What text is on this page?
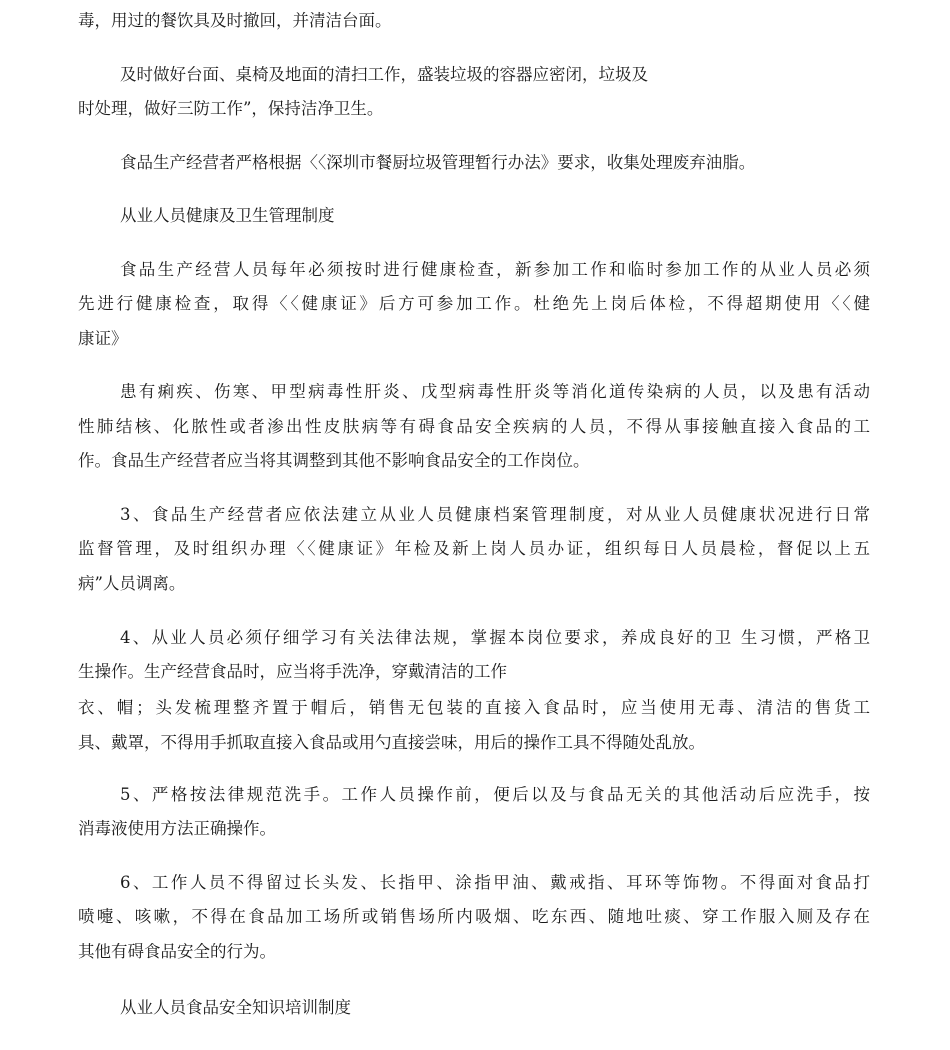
毒，用过的餐饮具及时撤回，并清洁台面。
及时做好台面、桌椅及地面的清扫工作，盛装垃圾的容器应密闭，垃圾及
时处理，做好三防工作”，保持洁净卫生。
食品生产经营者严格根据〈〈深圳市餐厨垃圾管理暂行办法》要求，收集处理废弃油脂。
从业人员健康及卫生管理制度
食品生产经营人员每年必须按时进行健康检查，新参加工作和临时参加工作的从业人员必须
先进行健康检查，取得〈〈健康证》后方可参加工作。杜绝先上岗后体检，不得超期使用〈〈健
康证》
患有痢疾、伤寒、甲型病毒性肝炎、戊型病毒性肝炎等消化道传染病的人员，以及患有活动
性肺结核、化脓性或者渗出性皮肤病等有碍食品安全疾病的人员，不得从事接触直接入食品的工
作。食品生产经营者应当将其调整到其他不影响食品安全的工作岗位。
3、食品生产经营者应依法建立从业人员健康档案管理制度，对从业人员健康状况进行日常
监督管理，及时组织办理〈〈健康证》年检及新上岗人员办证，组织每日人员晨检，督促以上五
病”人员调离。
4、从业人员必须仔细学习有关法律法规，掌握本岗位要求，养成良好的卫 生习惯，严格卫
生操作。生产经营食品时，应当将手洗净，穿戴清洁的工作
衣、帽；头发梳理整齐置于帽后，销售无包装的直接入食品时，应当使用无毒、清洁的售货工
具、戴罩，不得用手抓取直接入食品或用勺直接尝味，用后的操作工具不得随处乱放。
5、严格按法律规范洗手。工作人员操作前，便后以及与食品无关的其他活动后应洗手，按
消毒液使用方法正确操作。
6、工作人员不得留过长头发、长指甲、涂指甲油、戴戒指、耳环等饰物。不得面对食品打
喷嚏、咳嗽，不得在食品加工场所或销售场所内吸烟、吃东西、随地吐痰、穿工作服入厕及存在
其他有碍食品安全的行为。
从业人员食品安全知识培训制度
